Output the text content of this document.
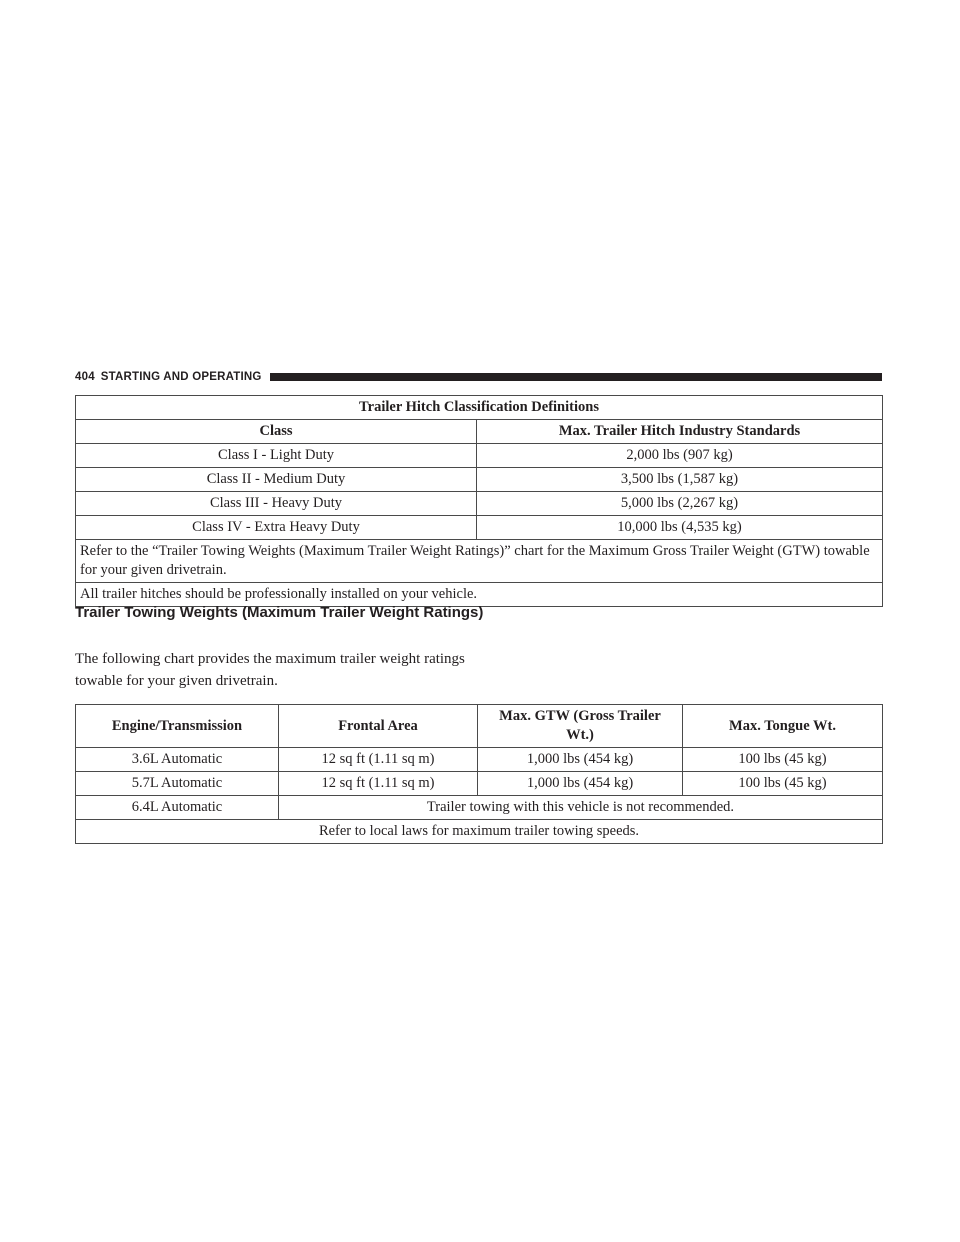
404 STARTING AND OPERATING
Trailer Hitch Classification Definitions	
Class	Max. Trailer Hitch Industry Standards
Class I - Light Duty	2,000 lbs (907 kg)
Class II - Medium Duty	3,500 lbs (1,587 kg)
Class III - Heavy Duty	5,000 lbs (2,267 kg)
Class IV - Extra Heavy Duty	10,000 lbs (4,535 kg)
Refer to the “Trailer Towing Weights (Maximum Trailer Weight Ratings)” chart for the Maximum Gross Trailer Weight (GTW) towable for your given drivetrain.	
All trailer hitches should be professionally installed on your vehicle.	
Trailer Towing Weights (Maximum Trailer Weight Ratings)
The following chart provides the maximum trailer weight ratings towable for your given drivetrain.
Engine/Transmission	Frontal Area	Max. GTW (Gross Trailer Wt.)	Max. Tongue Wt.
3.6L Automatic	12 sq ft (1.11 sq m)	1,000 lbs (454 kg)	100 lbs (45 kg)
5.7L Automatic	12 sq ft (1.11 sq m)	1,000 lbs (454 kg)	100 lbs (45 kg)
6.4L Automatic	Trailer towing with this vehicle is not recommended.		
Refer to local laws for maximum trailer towing speeds.			
